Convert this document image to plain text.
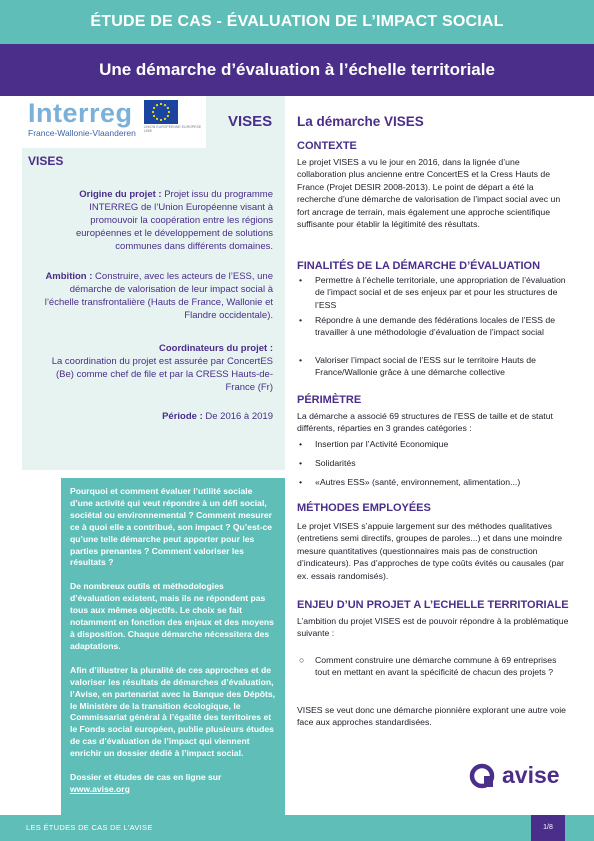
ÉTUDE DE CAS - ÉVALUATION DE L’IMPACT SOCIAL
Une démarche d’évaluation à l’échelle territoriale
Interreg
France-Wallonie-Vlaanderen
UNION EUROPÉENNE EUROPESE UNIE
VISES
VISES
Origine du projet : Projet issu du programme INTERREG de l’Union Européenne visant à promouvoir la coopération entre les régions européennes et le développement de solutions communes dans différents domaines.
Ambition : Construire, avec les acteurs de l’ESS, une démarche de valorisation de leur impact social à l’échelle transfrontalière (Hauts de France, Wallonie et Flandre occidentale).
Coordinateurs du projet :
La coordination du projet est assurée par ConcertES (Be) comme chef de file et par la CRESS Hauts-de-France (Fr)
Période : De 2016 à 2019

Pourquoi et comment évaluer l’utilité sociale d’une activité qui veut répondre à un défi social, sociétal ou environnemental ? Comment mesurer ce à quoi elle a contribué, son impact ? Qu’est-ce qu’une telle démarche peut apporter pour les parties prenantes ? Comment valoriser les résultats ?

De nombreux outils et méthodologies d’évaluation existent, mais ils ne répondent pas tous aux mêmes objectifs. Le choix se fait notamment en fonction des enjeux et des moyens à disposition. Chaque démarche nécessitera des adaptations.

Afin d’illustrer la pluralité de ces approches et de valoriser les résultats de démarches d’évaluation, l’Avise, en partenariat avec la Banque des Dépôts, le Ministère de la transition écologique, le Commissariat général à l’égalité des territoires et le Fonds social européen, publie plusieurs études de cas d’évaluation de l’impact qui viennent enrichir un dossier dédié à l’impact social.

Dossier et études de cas en ligne sur
www.avise.org

La démarche VISES
CONTEXTE
Le projet VISES a vu le jour en 2016, dans la lignée d’une collaboration plus ancienne entre ConcertES et la Cress Hauts de France (Projet DESIR 2008-2013). Le point de départ a été la recherche d’une démarche de valorisation de l’impact social avec un fort ancrage de terrain, mais également une approche scientifique suffisante pour établir la légitimité des résultats.
FINALITÉS DE LA DÉMARCHE D’ÉVALUATION
• Permettre à l’échelle territoriale, une appropriation de l’évaluation de l’impact social et de ses enjeux par et pour les structures de l’ESS
• Répondre à une demande des fédérations locales de l’ESS de travailler à une méthodologie d’évaluation de l’impact social
• Valoriser l’impact social de l’ESS sur le territoire Hauts de France/Wallonie grâce à une démarche collective
PÉRIMÈTRE
La démarche a associé 69 structures de l’ESS de taille et de statut différents, réparties en 3 grandes catégories :
• Insertion par l’Activité Economique
• Solidarités
• «Autres ESS» (santé, environnement, alimentation...)
MÉTHODES EMPLOYÉES
Le projet VISES s’appuie largement sur des méthodes qualitatives (entretiens semi directifs, groupes de paroles...) et dans une moindre mesure quantitatives (questionnaires mais pas de construction d’indicateurs). Pas d’approches de type coûts évités ou causales (par ex. essais randomisés).
ENJEU D’UN PROJET A L’ECHELLE TERRITORIALE
L’ambition du projet VISES est de pouvoir répondre à la problématique suivante :
○ Comment construire une démarche commune à 69 entreprises tout en mettant en avant la spécificité de chacun des projets ?
VISES se veut donc une démarche pionnière explorant une autre voie face aux approches standardisées.
avise
LES ÉTUDES DE CAS DE L’AVISE	1/8
